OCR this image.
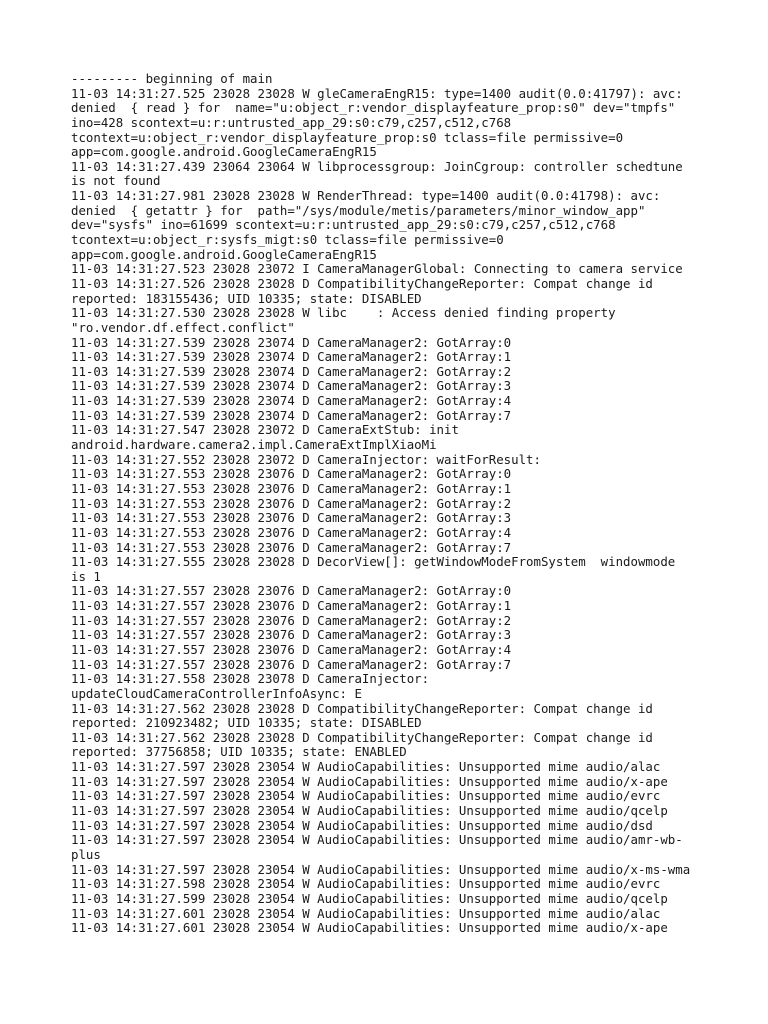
--------- beginning of main
11-03 14:31:27.525 23028 23028 W gleCameraEngR15: type=1400 audit(0.0:41797): avc:
denied  { read } for  name="u:object_r:vendor_displayfeature_prop:s0" dev="tmpfs"
ino=428 scontext=u:r:untrusted_app_29:s0:c79,c257,c512,c768
tcontext=u:object_r:vendor_displayfeature_prop:s0 tclass=file permissive=0
app=com.google.android.GoogleCameraEngR15
11-03 14:31:27.439 23064 23064 W libprocessgroup: JoinCgroup: controller schedtune
is not found
11-03 14:31:27.981 23028 23028 W RenderThread: type=1400 audit(0.0:41798): avc:
denied  { getattr } for  path="/sys/module/metis/parameters/minor_window_app"
dev="sysfs" ino=61699 scontext=u:r:untrusted_app_29:s0:c79,c257,c512,c768
tcontext=u:object_r:sysfs_migt:s0 tclass=file permissive=0
app=com.google.android.GoogleCameraEngR15
11-03 14:31:27.523 23028 23072 I CameraManagerGlobal: Connecting to camera service
11-03 14:31:27.526 23028 23028 D CompatibilityChangeReporter: Compat change id
reported: 183155436; UID 10335; state: DISABLED
11-03 14:31:27.530 23028 23028 W libc    : Access denied finding property
"ro.vendor.df.effect.conflict"
11-03 14:31:27.539 23028 23074 D CameraManager2: GotArray:0
11-03 14:31:27.539 23028 23074 D CameraManager2: GotArray:1
11-03 14:31:27.539 23028 23074 D CameraManager2: GotArray:2
11-03 14:31:27.539 23028 23074 D CameraManager2: GotArray:3
11-03 14:31:27.539 23028 23074 D CameraManager2: GotArray:4
11-03 14:31:27.539 23028 23074 D CameraManager2: GotArray:7
11-03 14:31:27.547 23028 23072 D CameraExtStub: init
android.hardware.camera2.impl.CameraExtImplXiaoMi
11-03 14:31:27.552 23028 23072 D CameraInjector: waitForResult:
11-03 14:31:27.553 23028 23076 D CameraManager2: GotArray:0
11-03 14:31:27.553 23028 23076 D CameraManager2: GotArray:1
11-03 14:31:27.553 23028 23076 D CameraManager2: GotArray:2
11-03 14:31:27.553 23028 23076 D CameraManager2: GotArray:3
11-03 14:31:27.553 23028 23076 D CameraManager2: GotArray:4
11-03 14:31:27.553 23028 23076 D CameraManager2: GotArray:7
11-03 14:31:27.555 23028 23028 D DecorView[]: getWindowModeFromSystem  windowmode
is 1
11-03 14:31:27.557 23028 23076 D CameraManager2: GotArray:0
11-03 14:31:27.557 23028 23076 D CameraManager2: GotArray:1
11-03 14:31:27.557 23028 23076 D CameraManager2: GotArray:2
11-03 14:31:27.557 23028 23076 D CameraManager2: GotArray:3
11-03 14:31:27.557 23028 23076 D CameraManager2: GotArray:4
11-03 14:31:27.557 23028 23076 D CameraManager2: GotArray:7
11-03 14:31:27.558 23028 23078 D CameraInjector:
updateCloudCameraControllerInfoAsync: E
11-03 14:31:27.562 23028 23028 D CompatibilityChangeReporter: Compat change id
reported: 210923482; UID 10335; state: DISABLED
11-03 14:31:27.562 23028 23028 D CompatibilityChangeReporter: Compat change id
reported: 37756858; UID 10335; state: ENABLED
11-03 14:31:27.597 23028 23054 W AudioCapabilities: Unsupported mime audio/alac
11-03 14:31:27.597 23028 23054 W AudioCapabilities: Unsupported mime audio/x-ape
11-03 14:31:27.597 23028 23054 W AudioCapabilities: Unsupported mime audio/evrc
11-03 14:31:27.597 23028 23054 W AudioCapabilities: Unsupported mime audio/qcelp
11-03 14:31:27.597 23028 23054 W AudioCapabilities: Unsupported mime audio/dsd
11-03 14:31:27.597 23028 23054 W AudioCapabilities: Unsupported mime audio/amr-wb-
plus
11-03 14:31:27.597 23028 23054 W AudioCapabilities: Unsupported mime audio/x-ms-wma
11-03 14:31:27.598 23028 23054 W AudioCapabilities: Unsupported mime audio/evrc
11-03 14:31:27.599 23028 23054 W AudioCapabilities: Unsupported mime audio/qcelp
11-03 14:31:27.601 23028 23054 W AudioCapabilities: Unsupported mime audio/alac
11-03 14:31:27.601 23028 23054 W AudioCapabilities: Unsupported mime audio/x-ape
